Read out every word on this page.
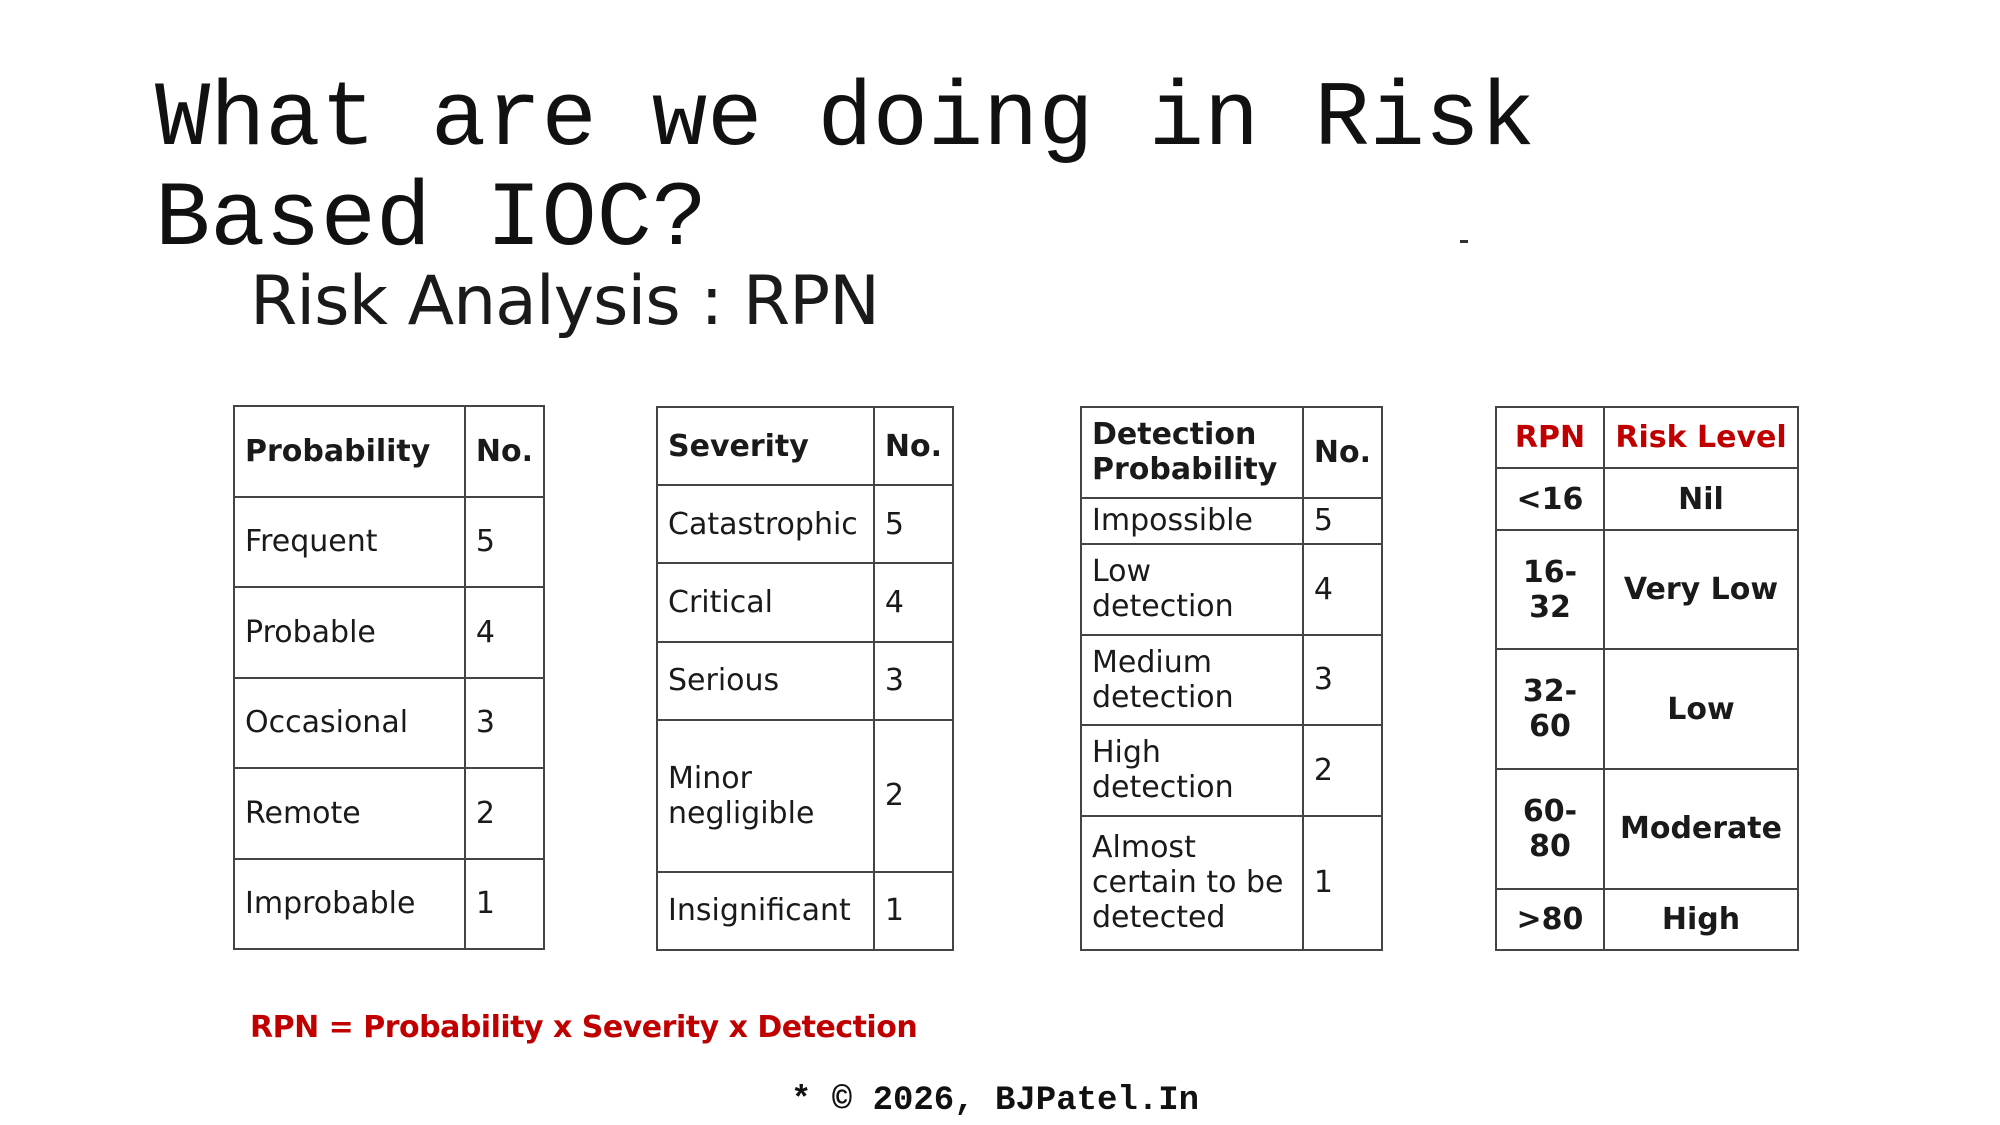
What are we doing in Risk Based IOC?
Risk Analysis : RPN
Probability	No.
Frequent	5
Probable	4
Occasional	3
Remote	2
Improbable	1
Severity	No.
Catastrophic	5
Critical	4
Serious	3
Minor negligible	2
Insignificant	1
Detection Probability	No.
Impossible	5
Low detection	4
Medium detection	3
High detection	2
Almost certain to be detected	1
RPN	Risk Level
<16	Nil
16-32	Very Low
32-60	Low
60-80	Moderate
>80	High
RPN = Probability x Severity x Detection
* © 2026, BJPatel.In
